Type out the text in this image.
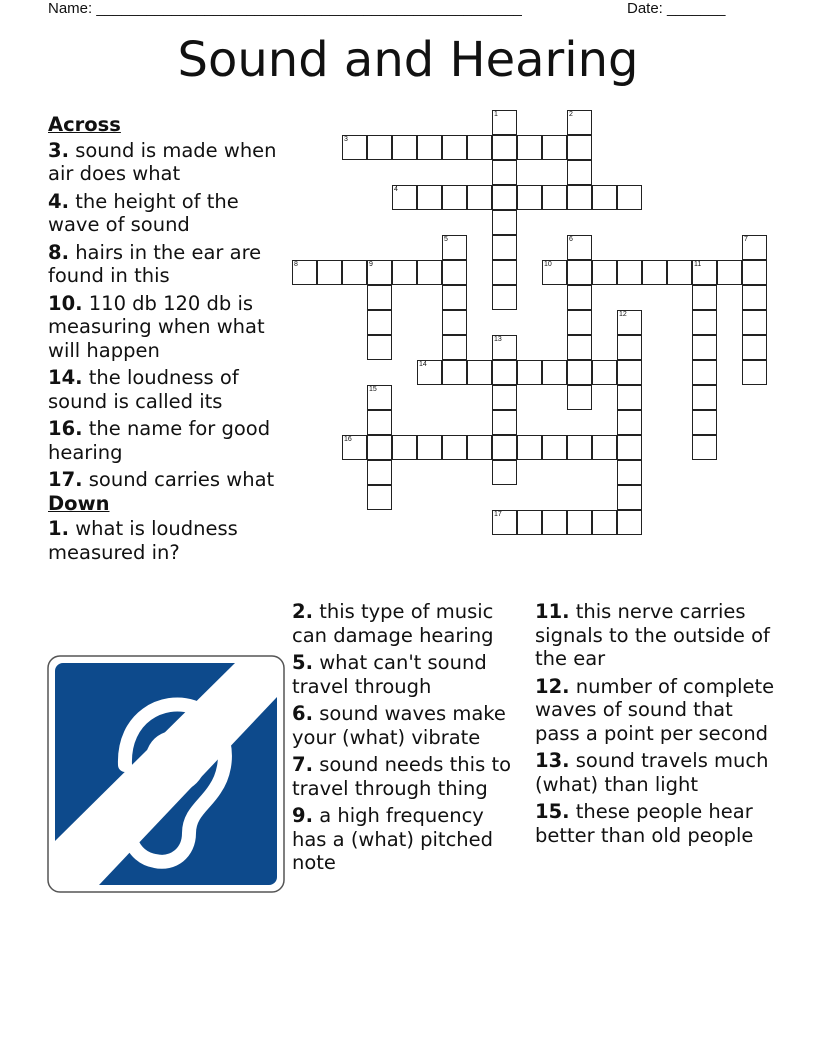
Name: ___________________________________________________	Date: _______
Sound and Hearing
Across
3. sound is made when air does what
4. the height of the wave of sound
8. hairs in the ear are found in this
10. 110 db 120 db is measuring when what will happen
14. the loudness of sound is called its
16. the name for good hearing
17. sound carries what
Down
1. what is loudness measured in?
2. this type of music can damage hearing
5. what can't sound travel through
6. sound waves make your (what) vibrate
7. sound needs this to travel through thing
9. a high frequency has a (what) pitched note
11. this nerve carries signals to the outside of the ear
12. number of complete waves of sound that pass a point per second
13. sound travels much (what) than light
15. these people hear better than old people
3
4
8	9	10	11
14
16
17
1	2
5	6	7
12
13
15
